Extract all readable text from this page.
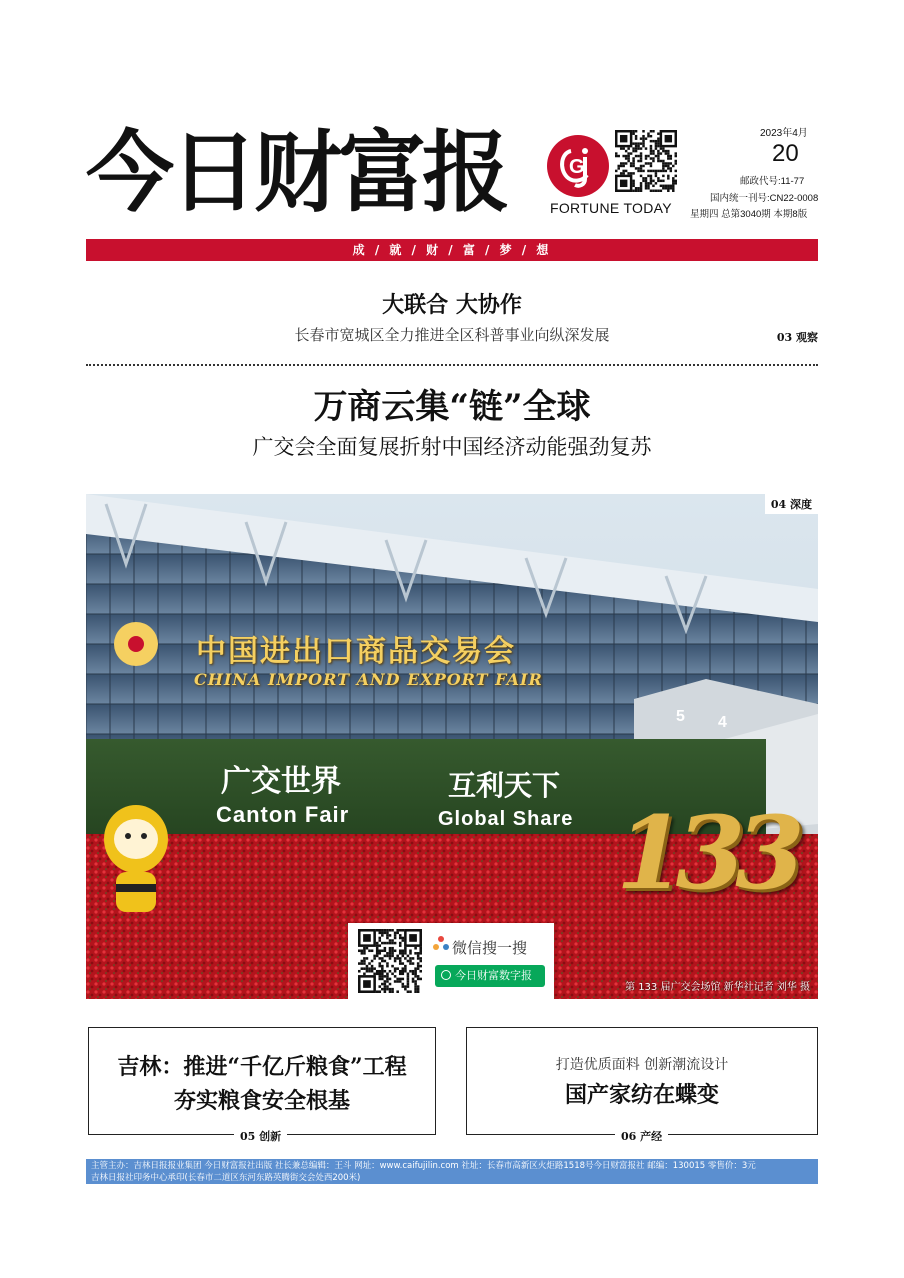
今日财富报	G
FORTUNE TODAY
2023年4月
20
邮政代号:11-77
国内统一刊号:CN22-0008
星期四 总第3040期 本期8版
成 / 就 / 财 / 富 / 梦 / 想
大联合 大协作
长春市宽城区全力推进全区科普事业向纵深发展	03 观察
万商云集“链”全球
广交会全面复展折射中国经济动能强劲复苏
中国进出口商品交易会
CHINA IMPORT AND EXPORT FAIR
广交世界	互利天下
Canton Fair	Global Share 133
5 4
04 深度
第 133 届广交会场馆 新华社记者 刘华 摄
微信搜一搜
今日财富数字报
吉林：推进“千亿斤粮食”工程
夯实粮食安全根基
05 创新
打造优质面料 创新潮流设计
国产家纺在蝶变
06 产经
主管主办：吉林日报报业集团 今日财富报社出版 社长兼总编辑：王斗 网址：www.caifujilin.com 社址：长春市高新区火炬路1518号今日财富报社 邮编：130015 零售价：3元
吉林日报社印务中心承印(长春市二道区东河东路英腾街交会处西200米)
